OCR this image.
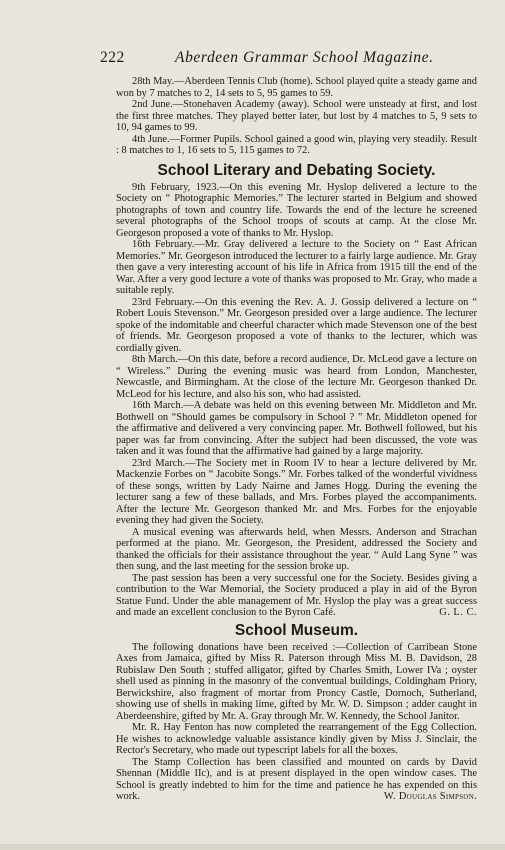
222	Aberdeen Grammar School Magazine.

28th May.—Aberdeen Tennis Club (home). School played quite a steady game and won by 7 matches to 2, 14 sets to 5, 95 games to 59.

2nd June.—Stonehaven Academy (away). School were unsteady at first, and lost the first three matches. They played better later, but lost by 4 matches to 5, 9 sets to 10, 94 games to 99.

4th June.—Former Pupils. School gained a good win, playing very steadily. Result : 8 matches to 1, 16 sets to 5, 115 games to 72.

School Literary and Debating Society.

9th February, 1923.—On this evening Mr. Hyslop delivered a lecture to the Society on “ Photographic Memories.” The lecturer started in Belgium and showed photographs of town and country life. Towards the end of the lecture he screened several photographs of the School troops of scouts at camp. At the close Mr. Georgeson proposed a vote of thanks to Mr. Hyslop.

16th February.—Mr. Gray delivered a lecture to the Society on “ East African Memories.” Mr. Georgeson introduced the lecturer to a fairly large audience. Mr. Gray then gave a very interesting account of his life in Africa from 1915 till the end of the War. After a very good lecture a vote of thanks was proposed to Mr. Gray, who made a suitable reply.

23rd February.—On this evening the Rev. A. J. Gossip delivered a lecture on “ Robert Louis Stevenson.” Mr. Georgeson presided over a large audience. The lecturer spoke of the indomitable and cheerful character which made Stevenson one of the best of friends. Mr. Georgeson proposed a vote of thanks to the lecturer, which was cordially given.

8th March.—On this date, before a record audience, Dr. McLeod gave a lecture on “ Wireless.” During the evening music was heard from London, Manchester, Newcastle, and Birmingham. At the close of the lecture Mr. Georgeson thanked Dr. McLeod for his lecture, and also his son, who had assisted.

16th March.—A debate was held on this evening between Mr. Middleton and Mr. Bothwell on “Should games be compulsory in School ? ” Mr. Middleton opened for the affirmative and delivered a very convincing paper. Mr. Bothwell followed, but his paper was far from convincing. After the subject had been discussed, the vote was taken and it was found that the affirmative had gained by a large majority.

23rd March.—The Society met in Room IV to hear a lecture delivered by Mr. Mackenzie Forbes on “ Jacobite Songs.” Mr. Forbes talked of the wonderful vividness of these songs, written by Lady Nairne and James Hogg. During the evening the lecturer sang a few of these ballads, and Mrs. Forbes played the accompaniments. After the lecture Mr. Georgeson thanked Mr. and Mrs. Forbes for the enjoyable evening they had given the Society.

A musical evening was afterwards held, when Messrs. Anderson and Strachan performed at the piano. Mr. Georgeson, the President, addressed the Society and thanked the officials for their assistance throughout the year. “ Auld Lang Syne ” was then sung, and the last meeting for the session broke up.

The past session has been a very successful one for the Society. Besides giving a contribution to the War Memorial, the Society produced a play in aid of the Byron Statue Fund. Under the able management of Mr. Hyslop the play was a great success and made an excellent conclusion to the Byron Café.	G. L. C.

School Museum.

The following donations have been received :—Collection of Carribean Stone Axes from Jamaica, gifted by Miss R. Paterson through Miss M. B. Davidson, 28 Rubislaw Den South ; stuffed alligator, gifted by Charles Smith, Lower IVa ; oyster shell used as pinning in the masonry of the conventual buildings, Coldingham Priory, Berwickshire, also fragment of mortar from Proncy Castle, Dornoch, Sutherland, showing use of shells in making lime, gifted by Mr. W. D. Simpson ; adder caught in Aberdeenshire, gifted by Mr. A. Gray through Mr. W. Kennedy, the School Janitor.

Mr. R. Hay Fenton has now completed the rearrangement of the Egg Collection. He wishes to acknowledge valuable assistance kindly given by Miss J. Sinclair, the Rector's Secretary, who made out typescript labels for all the boxes.

The Stamp Collection has been classified and mounted on cards by David Shennan (Middle IIc), and is at present displayed in the open window cases. The School is greatly indebted to him for the time and patience he has expended on this work.	W. Douglas Simpson.
